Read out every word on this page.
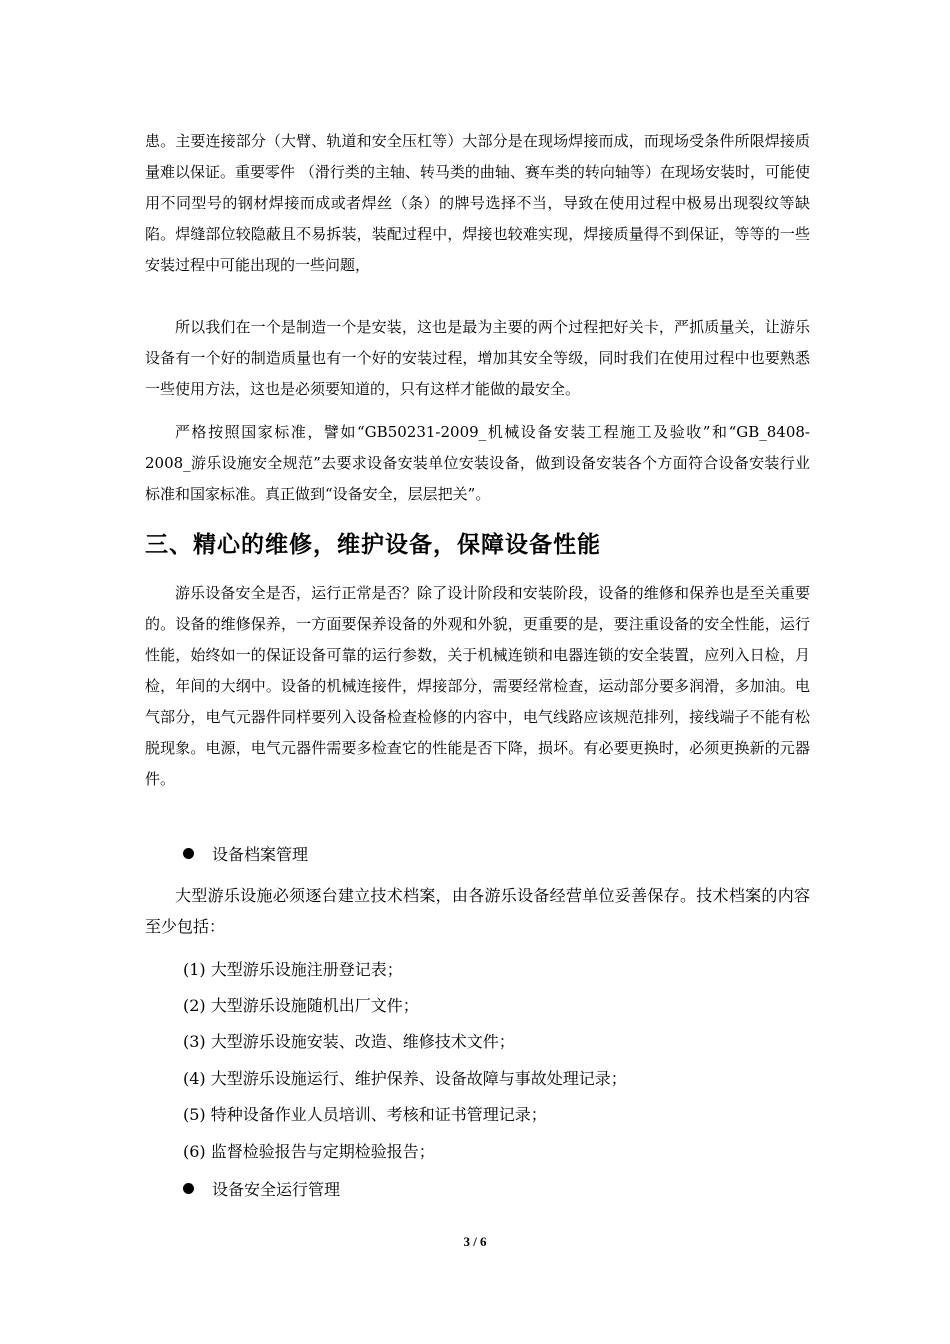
患。主要连接部分（大臂、轨道和安全压杠等）大部分是在现场焊接而成，而现场受条件所限焊接质量难以保证。重要零件 （滑行类的主轴、转马类的曲轴、赛车类的转向轴等）在现场安装时，可能使用不同型号的钢材焊接而成或者焊丝（条）的牌号选择不当，导致在使用过程中极易出现裂纹等缺陷。焊缝部位较隐蔽且不易拆装，装配过程中，焊接也较难实现，焊接质量得不到保证，等等的一些安装过程中可能出现的一些问题，

所以我们在一个是制造一个是安装，这也是最为主要的两个过程把好关卡，严抓质量关，让游乐设备有一个好的制造质量也有一个好的安装过程，增加其安全等级，同时我们在使用过程中也要熟悉一些使用方法，这也是必须要知道的，只有这样才能做的最安全。

严格按照国家标准，譬如“GB50231-2009_机械设备安装工程施工及验收”和“GB_8408-2008_游乐设施安全规范”去要求设备安装单位安装设备，做到设备安装各个方面符合设备安装行业标准和国家标准。真正做到“设备安全，层层把关”。

三、精心的维修，维护设备，保障设备性能

游乐设备安全是否，运行正常是否？除了设计阶段和安装阶段，设备的维修和保养也是至关重要的。设备的维修保养，一方面要保养设备的外观和外貌，更重要的是，要注重设备的安全性能，运行性能，始终如一的保证设备可靠的运行参数，关于机械连锁和电器连锁的安全装置，应列入日检，月检，年间的大纲中。设备的机械连接件，焊接部分，需要经常检查，运动部分要多润滑，多加油。电气部分，电气元器件同样要列入设备检查检修的内容中，电气线路应该规范排列，接线端子不能有松脱现象。电源，电气元器件需要多检查它的性能是否下降，损坏。有必要更换时，必须更换新的元器件。

设备档案管理

大型游乐设施必须逐台建立技术档案，由各游乐设备经营单位妥善保存。技术档案的内容至少包括：

(1) 大型游乐设施注册登记表；
(2) 大型游乐设施随机出厂文件；
(3) 大型游乐设施安装、改造、维修技术文件；
(4) 大型游乐设施运行、维护保养、设备故障与事故处理记录；
(5) 特种设备作业人员培训、考核和证书管理记录；
(6) 监督检验报告与定期检验报告；
设备安全运行管理
3 / 6
